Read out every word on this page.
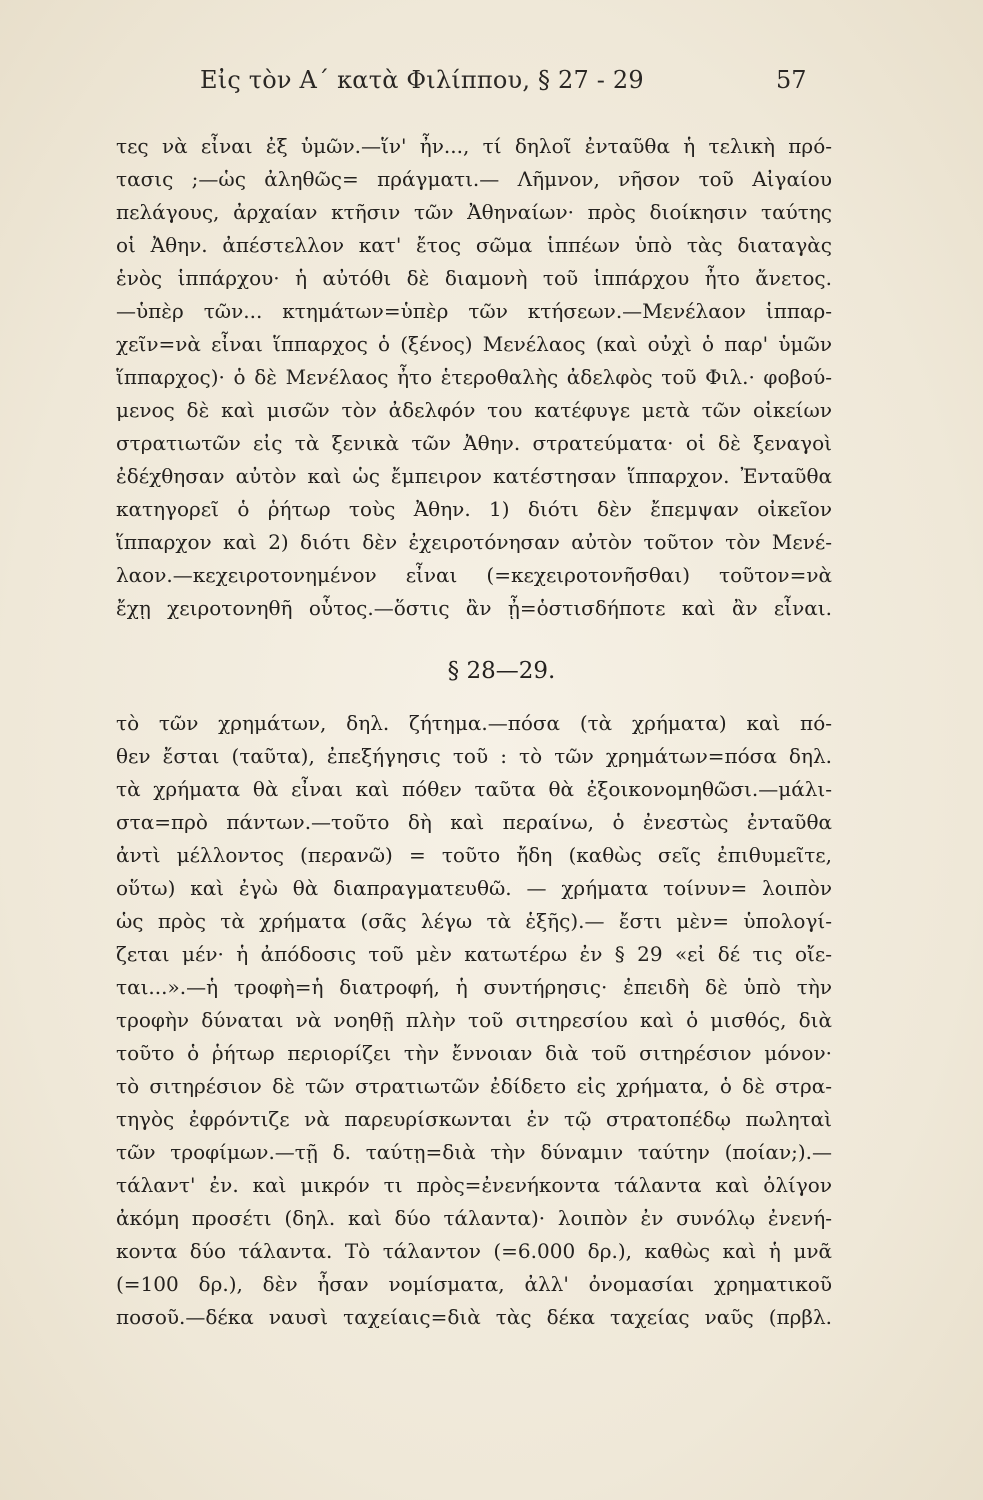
Εἰς τὸν Α΄ κατὰ Φιλίππου, § 27 - 29	57
τες νὰ εἶναι ἐξ ὑμῶν.—ἵν' ἦν..., τί δηλοῖ ἐνταῦθα ἡ τελικὴ πρό-
τασις ;—ὡς ἀληθῶς= πράγματι.— Λῆμνον, νῆσον τοῦ Αἰγαίου
πελάγους, ἀρχαίαν κτῆσιν τῶν Ἀθηναίων· πρὸς διοίκησιν ταύτης
οἱ Ἀθην. ἀπέστελλον κατ' ἔτος σῶμα ἱππέων ὑπὸ τὰς διαταγὰς
ἑνὸς ἱππάρχου· ἡ αὐτόθι δὲ διαμονὴ τοῦ ἱππάρχου ἦτο ἄνετος.
—ὑπὲρ τῶν... κτημάτων=ὑπὲρ τῶν κτήσεων.—Μενέλαον ἱππαρ-
χεῖν=νὰ εἶναι ἵππαρχος ὁ (ξένος) Μενέλαος (καὶ οὐχὶ ὁ παρ' ὑμῶν
ἵππαρχος)· ὁ δὲ Μενέλαος ἦτο ἑτεροθαλὴς ἀδελφὸς τοῦ Φιλ.· φοβού-
μενος δὲ καὶ μισῶν τὸν ἀδελφόν του κατέφυγε μετὰ τῶν οἰκείων
στρατιωτῶν εἰς τὰ ξενικὰ τῶν Ἀθην. στρατεύματα· οἱ δὲ ξεναγοὶ
ἐδέχθησαν αὐτὸν καὶ ὡς ἔμπειρον κατέστησαν ἵππαρχον. Ἐνταῦθα
κατηγορεῖ ὁ ῥήτωρ τοὺς Ἀθην. 1) διότι δὲν ἔπεμψαν οἰκεῖον
ἵππαρχον καὶ 2) διότι δὲν ἐχειροτόνησαν αὐτὸν τοῦτον τὸν Μενέ-
λαον.—κεχειροτονημένον εἶναι (=κεχειροτονῆσθαι) τοῦτον=νὰ
ἔχῃ χειροτονηθῆ οὗτος.—ὅστις ἂν ᾖ=ὁστισδήποτε καὶ ἂν εἶναι.
§ 28—29.
τὸ τῶν χρημάτων, δηλ. ζήτημα.—πόσα (τὰ χρήματα) καὶ πό-
θεν ἔσται (ταῦτα), ἐπεξήγησις τοῦ : τὸ τῶν χρημάτων=πόσα δηλ.
τὰ χρήματα θὰ εἶναι καὶ πόθεν ταῦτα θὰ ἐξοικονομηθῶσι.—μάλι-
στα=πρὸ πάντων.—τοῦτο δὴ καὶ περαίνω, ὁ ἐνεστὼς ἐνταῦθα
ἀντὶ μέλλοντος (περανῶ) = τοῦτο ἤδη (καθὼς σεῖς ἐπιθυμεῖτε,
οὕτω) καὶ ἐγὼ θὰ διαπραγματευθῶ. — χρήματα τοίνυν= λοιπὸν
ὡς πρὸς τὰ χρήματα (σᾶς λέγω τὰ ἑξῆς).— ἔστι μὲν= ὑπολογί-
ζεται μέν· ἡ ἀπόδοσις τοῦ μὲν κατωτέρω ἐν § 29 «εἰ δέ τις οἴε-
ται...».—ἡ τροφὴ=ἡ διατροφή, ἡ συντήρησις· ἐπειδὴ δὲ ὑπὸ τὴν
τροφὴν δύναται νὰ νοηθῇ πλὴν τοῦ σιτηρεσίου καὶ ὁ μισθός, διὰ
τοῦτο ὁ ῥήτωρ περιορίζει τὴν ἔννοιαν διὰ τοῦ σιτηρέσιον μόνον·
τὸ σιτηρέσιον δὲ τῶν στρατιωτῶν ἐδίδετο εἰς χρήματα, ὁ δὲ στρα-
τηγὸς ἐφρόντιζε νὰ παρευρίσκωνται ἐν τῷ στρατοπέδῳ πωληταὶ
τῶν τροφίμων.—τῇ δ. ταύτῃ=διὰ τὴν δύναμιν ταύτην (ποίαν;).—
τάλαντ' ἐν. καὶ μικρόν τι πρὸς=ἐνενήκοντα τάλαντα καὶ ὀλίγον
ἀκόμη προσέτι (δηλ. καὶ δύο τάλαντα)· λοιπὸν ἐν συνόλῳ ἐνενή-
κοντα δύο τάλαντα. Τὸ τάλαντον (=6.000 δρ.), καθὼς καὶ ἡ μνᾶ
(=100 δρ.), δὲν ἦσαν νομίσματα, ἀλλ' ὀνομασίαι χρηματικοῦ
ποσοῦ.—δέκα ναυσὶ ταχείαις=διὰ τὰς δέκα ταχείας ναῦς (πρβλ.
